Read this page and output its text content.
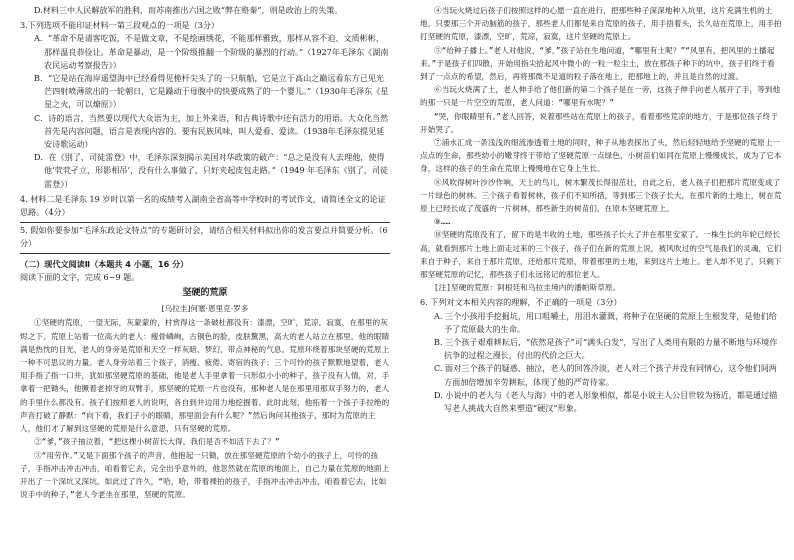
D.材料三中人民解放军的胜利，而苏南推出六国之败“弊在赂秦”，则是政治上的失策。

3.下列选项不能印证材料一第三段观点的一项是（3分）

A．“革命不是请客吃饭，不是做文章，不是绘画绣花，不能那样雅致，那样从容不迫、文质彬彬，那样温良恭俭让。革命是暴动，是一个阶级推翻一个阶级的暴烈的行动。”（1927年毛泽东《湖南农民运动考察报告》）

B．“它是站在海岸遥望海中已经看得见桅杆尖头了的一只航船，它是立于高山之巅远看东方已见光芒四射喷薄欲出的一轮朝日，它是躁动于母腹中的快要成熟了的一个婴儿。”（1930年毛泽东《星星之火，可以燎原》）

C．诗的语言，当然要以现代大众语为主，加上外来语，和古典诗歌中还有活力的用语。大众化当然首先是内容问题，语言是表现内容的。要有民族风味，叫人爱看、爱读。（1938年毛泽东提见延安诗歌运动）

D．在《别了，司徒雷登》中，毛泽东深刻揭示美国对华政策的破产：“总之是没有人去理他，使得他‘茕茕孑立，形影相吊’，没有什么事做了，只好夹起皮包走路。”（1949 年毛泽东《别了，司徒雷登》）

4. 材料二是毛泽东 19 岁时以第一名的成绩考入湖南全省高等中学校时的考试作文，请简述全文的论证思路。（4分）

5. 假如你要参加“毛泽东政论文特点”的专题研讨会，请结合相关材料拟出你的发言要点并简要分析。（6分）

（二）现代文阅读Ⅱ（本题共 4 小题，16 分）

阅读下面的文字，完成 6~9 题。

坚硬的荒原

[乌拉圭]何塞·恩里克·罗多

①坚硬的荒原，一望无际，灰蒙蒙的，村赏得这一条破杜都没有：漆漂，空旷，荒凉，寂寞，在那里的灰烬之下。荒原上站着一位高大的老人：瘦骨嶙峋，古铜色的脸，皮肤黧黑，高大的老人站立在那里，他的眼睛满是热忱的目光，老人的身旁是荒原和天空一样灰暗、梦幻，带点神秘的气息。荒原环绕着那块坚硬的荒原上一种不可思议的力量。老人身旁站着三个孩子，消瘦、疲倦、寄宿的孩子；三个可怜的孩子默默地望着，老人用手指了指一口井，犹如那坚硬荒原的基础，他是老人手里拿着一只形似小小的种子，孩子没有人情，对，手拿着一把锄头，他撅着老掉牙的双臂手，那坚硬的荒原一片也没有，那种老人是在那里用那双手努力的，老人的手里什么都没有。孩子们按照老人的说明，各自到井边用力地挖掘着。此时此刻，他拓着一个孩子手拉绝的声音打破了静默：“向下看，我们子小的眼睛，那里面会有什么呢？”然后询问其他孩子，那时为荒原的主人，他们才了解到这坚硬的荒原是什么意思，只有坚硬的荒原。

②“爹，”孩子抽泣着，“把这棵小树苗长大得，我们是否不如活下去了？”

③“用劳作。”又是下面那个孩子的声音。他抱起一只锄，放在那坚硬荒原的个幼小的孩子上，可怜的孩子，手指冲击冲击冲击，咱看着它去，完全出乎意外的，他忽然就在荒原的地面上，自己力量在荒原的地面上开出了一个深坑又深坑。如此过了许久，“哈，哈，带着裸拍的孩子，手指冲击冲击冲击，咱看着它去，比如说手中的种子，”老人今老坐在那里，坚硬的荒原。

④当玩火烧过后孩子们按照这样的心愿一直在进行，把那些种子深深地种入坑里，这片充满生机的土地，只要那三个开动脑筋的孩子，那些老人们都是来自荒原的孩子，用手捂着头，长久站在荒原上，用手拍打坚硬的荒原，漆漂，空旷，荒凉，寂寞，这片坚硬的荒原上。

⑤“给种子播上。”老人对他说，“爹，”孩子站在生地问道，“哪里有土呢？”“风里有，把风里的土播起来。”于是孩子们四散，开始用指尖拾起风中微小的一粒一粒尘土，放在那孩子种下的坑中，孩子们终于看到了一点点的希望，然后，再将那微不足道的粒子落在地上，把那地上的，并且是自然的过渡。

⑥当玩火烧满了土，老人伸手给了他们新的第二个孩子是在一旁，这孩子伸手向老人展开了手，等到他的那一只是一片空空的荒原，老人问道：“哪里有水呢？”

“哭，你眼睛里有。”老人回答，说着那些站在荒原上的孩子，看着那些荒凉的地方，于是那位孩子终于开始哭了。

⑦浦水汇成一条浅浅的细流渗透着土地的同时，种子从地表探出了头，然后轻轻地给予坚硬的荒原上一点点的生命，那些幼小的嫩芽终于带给了坚硬荒原一点绿色，小树苗们如同在荒原上慢慢成长，成为了它本身，这样的孩子的生命在荒原上慢慢地在它身上生长。

⑧风吹得树叶沙沙作响，天上的鸟儿，树木繁茂长得很茁壮，自此之后，老人孩子们把那片荒原变成了一片绿色的树林。三个孩子看着树林，孩子们不知所措，等到那三个孩子长大，在那片新的土地上，树在荒原上已经长成了茂盛的一片树林，那些新生的树苗们，在原本坚硬荒原上。

⑨……

⑩坚硬的荒原没有了，留下的是丰收的土地，那些孩子长大了并在那里安家了。一株生长的年轮已经长高，就看到那片土地上面走过来的三个孩子，孩子们在新的荒原上说，被风吹过的空气是我们的灵魂，它们来自于种子，来自于那片荒原，还给那片荒原，带着那里的土地，来到这片土地上。老人却不见了，只剩下那坚硬荒原的记忆，那些孩子们永远铭记的那位老人。

[注]坚硬的荒原：阿根廷和乌拉圭境内的潘帕斯草原。

6. 下列对文本相关内容的理解，不正确的一项是（3分）

A. 三个小孩用手挖掘坑，用口咀嚼土，用泪水灌溉，将种子在坚硬的荒原上生根发芽，是他们给予了荒原最大的生命。

B. 三个孩子艰难耕耘后，“依然是孩子”可“满头白发”，写出了人类用有限的力量不断地与环境作抗争的过程之漫长，付出的代价之巨大。

C. 面对三个孩子的疑惑、抽泣，老人的回答冷淡，老人对三个孩子并没有同情心，这令他们间两方面加倍增加辛劳耕耘，体现了他的严苛待家。

D. 小说中的老人与《老人与海》中的老人形象相似，都是小说主人公目世较为扬近，都是通过描写老人挑战大自然来塑造“硬汉”形象。
